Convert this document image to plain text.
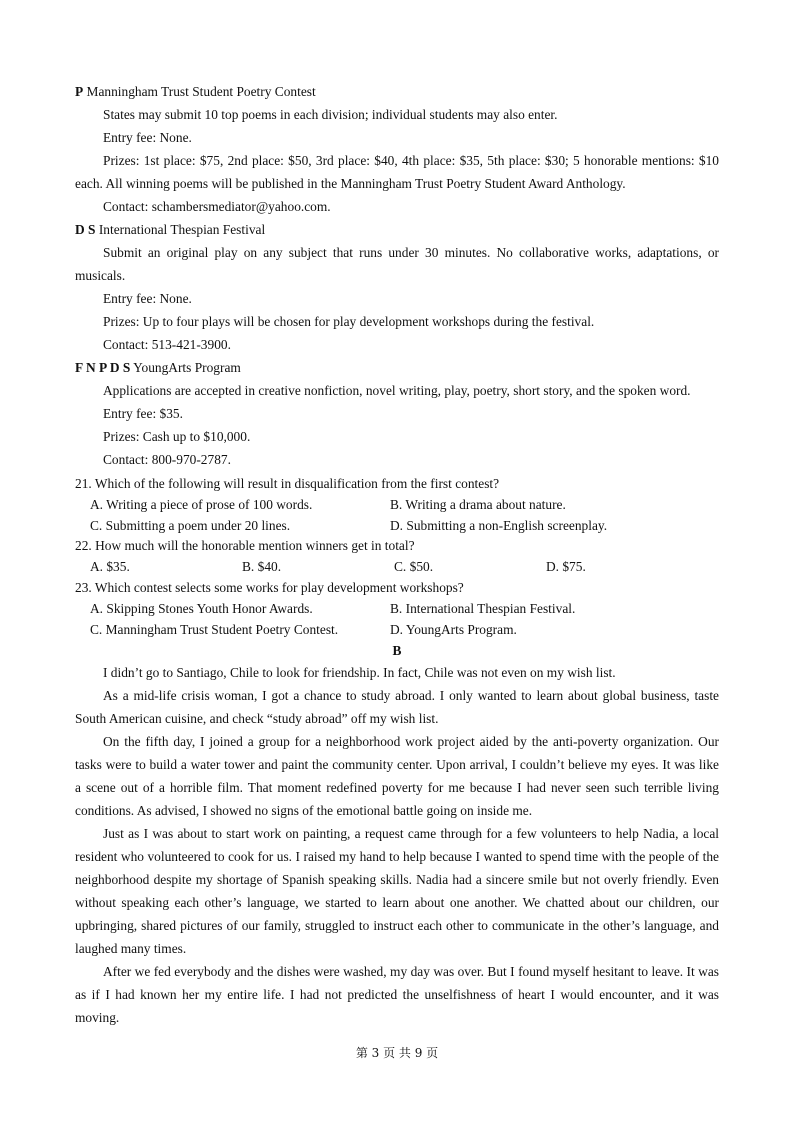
P Manningham Trust Student Poetry Contest
States may submit 10 top poems in each division; individual students may also enter.
Entry fee: None.

Prizes: 1st place: $75, 2nd place: $50, 3rd place: $40, 4th place: $35, 5th place: $30; 5 honorable mentions: $10 each. All winning poems will be published in the Manningham Trust Poetry Student Award Anthology.

Contact: schambersmediator@yahoo.com.
D S International Thespian Festival

Submit an original play on any subject that runs under 30 minutes. No collaborative works, adaptations, or musicals.

Entry fee: None.
Prizes: Up to four plays will be chosen for play development workshops during the festival.
Contact: 513-421-3900.
F N P D S YoungArts Program
Applications are accepted in creative nonfiction, novel writing, play, poetry, short story, and the spoken word.
Entry fee: $35.
Prizes: Cash up to $10,000.
Contact: 800-970-2787.
21. Which of the following will result in disqualification from the first contest?
A. Writing a piece of prose of 100 words.	B. Writing a drama about nature.
C. Submitting a poem under 20 lines.	D. Submitting a non-English screenplay.
22. How much will the honorable mention winners get in total?
A. $35.	B. $40.	C. $50.	D. $75.
23. Which contest selects some works for play development workshops?
A. Skipping Stones Youth Honor Awards.	B. International Thespian Festival.
C. Manningham Trust Student Poetry Contest.	D. YoungArts Program.
B

I didn’t go to Santiago, Chile to look for friendship. In fact, Chile was not even on my wish list.

As a mid-life crisis woman, I got a chance to study abroad. I only wanted to learn about global business, taste South American cuisine, and check “study abroad” off my wish list.

On the fifth day, I joined a group for a neighborhood work project aided by the anti-poverty organization. Our tasks were to build a water tower and paint the community center. Upon arrival, I couldn’t believe my eyes. It was like a scene out of a horrible film. That moment redefined poverty for me because I had never seen such terrible living conditions. As advised, I showed no signs of the emotional battle going on inside me.

Just as I was about to start work on painting, a request came through for a few volunteers to help Nadia, a local resident who volunteered to cook for us. I raised my hand to help because I wanted to spend time with the people of the neighborhood despite my shortage of Spanish speaking skills. Nadia had a sincere smile but not overly friendly. Even without speaking each other’s language, we started to learn about one another. We chatted about our children, our upbringing, shared pictures of our family, struggled to instruct each other to communicate in the other’s language, and laughed many times.

After we fed everybody and the dishes were washed, my day was over. But I found myself hesitant to leave. It was as if I had known her my entire life. I had not predicted the unselfishness of heart I would encounter, and it was moving.

第 3 页 共 9 页
